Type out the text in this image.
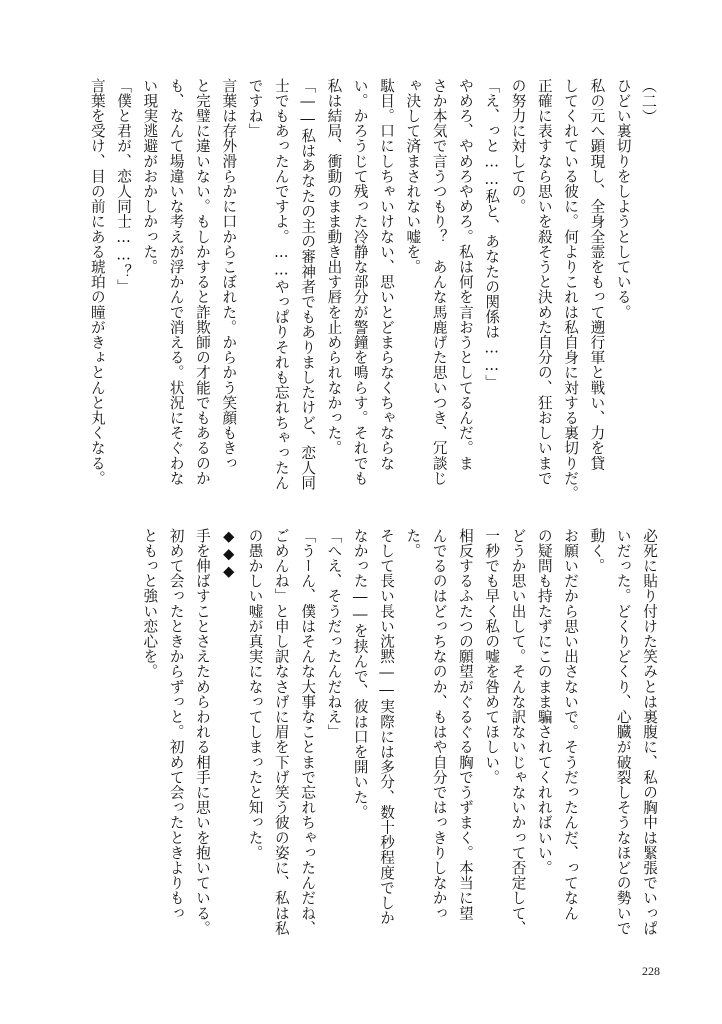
（二）
ひどい裏切りをしようとしている。
私の元へ顕現し、全身全霊をもって遡行軍と戦い、力を貸
してくれている彼に。何よりこれは私自身に対する裏切りだ。
正確に表すなら思いを殺そうと決めた自分の、狂おしいまで
の努力に対しての。
「え、っと……私と、あなたの関係は……」
やめろ、やめろやめろ。私は何を言おうとしてるんだ。ま
さか本気で言うつもり？　あんな馬鹿げた思いつき、冗談じ
ゃ決して済まされない嘘を。
駄目。口にしちゃいけない、思いとどまらなくちゃならな
い。かろうじて残った冷静な部分が警鐘を鳴らす。それでも
私は結局、衝動のまま動き出す唇を止められなかった。
「――私はあなたの主の審神者でもありましたけど、恋人同
士でもあったんですよ。……やっぱりそれも忘れちゃったん
ですね」
言葉は存外滑らかに口からこぼれた。からかう笑顔もきっ
と完璧に違いない。もしかすると詐欺師の才能でもあるのか
も、なんて場違いな考えが浮かんで消える。状況にそぐわな
い現実逃避がおかしかった。
「僕と君が、恋人同士……？」
言葉を受け、目の前にある琥珀の瞳がきょとんと丸くなる。
必死に貼り付けた笑みとは裏腹に、私の胸中は緊張でいっぱ
いだった。どくりどくり、心臓が破裂しそうなほどの勢いで
動く。
お願いだから思い出さないで。そうだったんだ、ってなん
の疑問も持たずにこのまま騙されてくれればいい。
どうか思い出して。そんな訳ないじゃないかって否定して、
一秒でも早く私の嘘を咎めてほしい。
相反するふたつの願望がぐるぐる胸でうずまく。本当に望
んでるのはどっちなのか、もはや自分ではっきりしなかっ
た。
そして長い長い沈黙――実際には多分、数十秒程度でしか
なかった――を挟んで、彼は口を開いた。
「へえ、そうだったんだねえ」
「うーん、僕はそんな大事なことまで忘れちゃったんだね、
ごめんね」と申し訳なさげに眉を下げ笑う彼の姿に、私は私
の愚かしい嘘が真実になってしまったと知った。
◆◆◆
手を伸ばすことさえためらわれる相手に思いを抱いている。
初めて会ったときからずっと。初めて会ったときよりもっ
ともっと強い恋心を。
228
